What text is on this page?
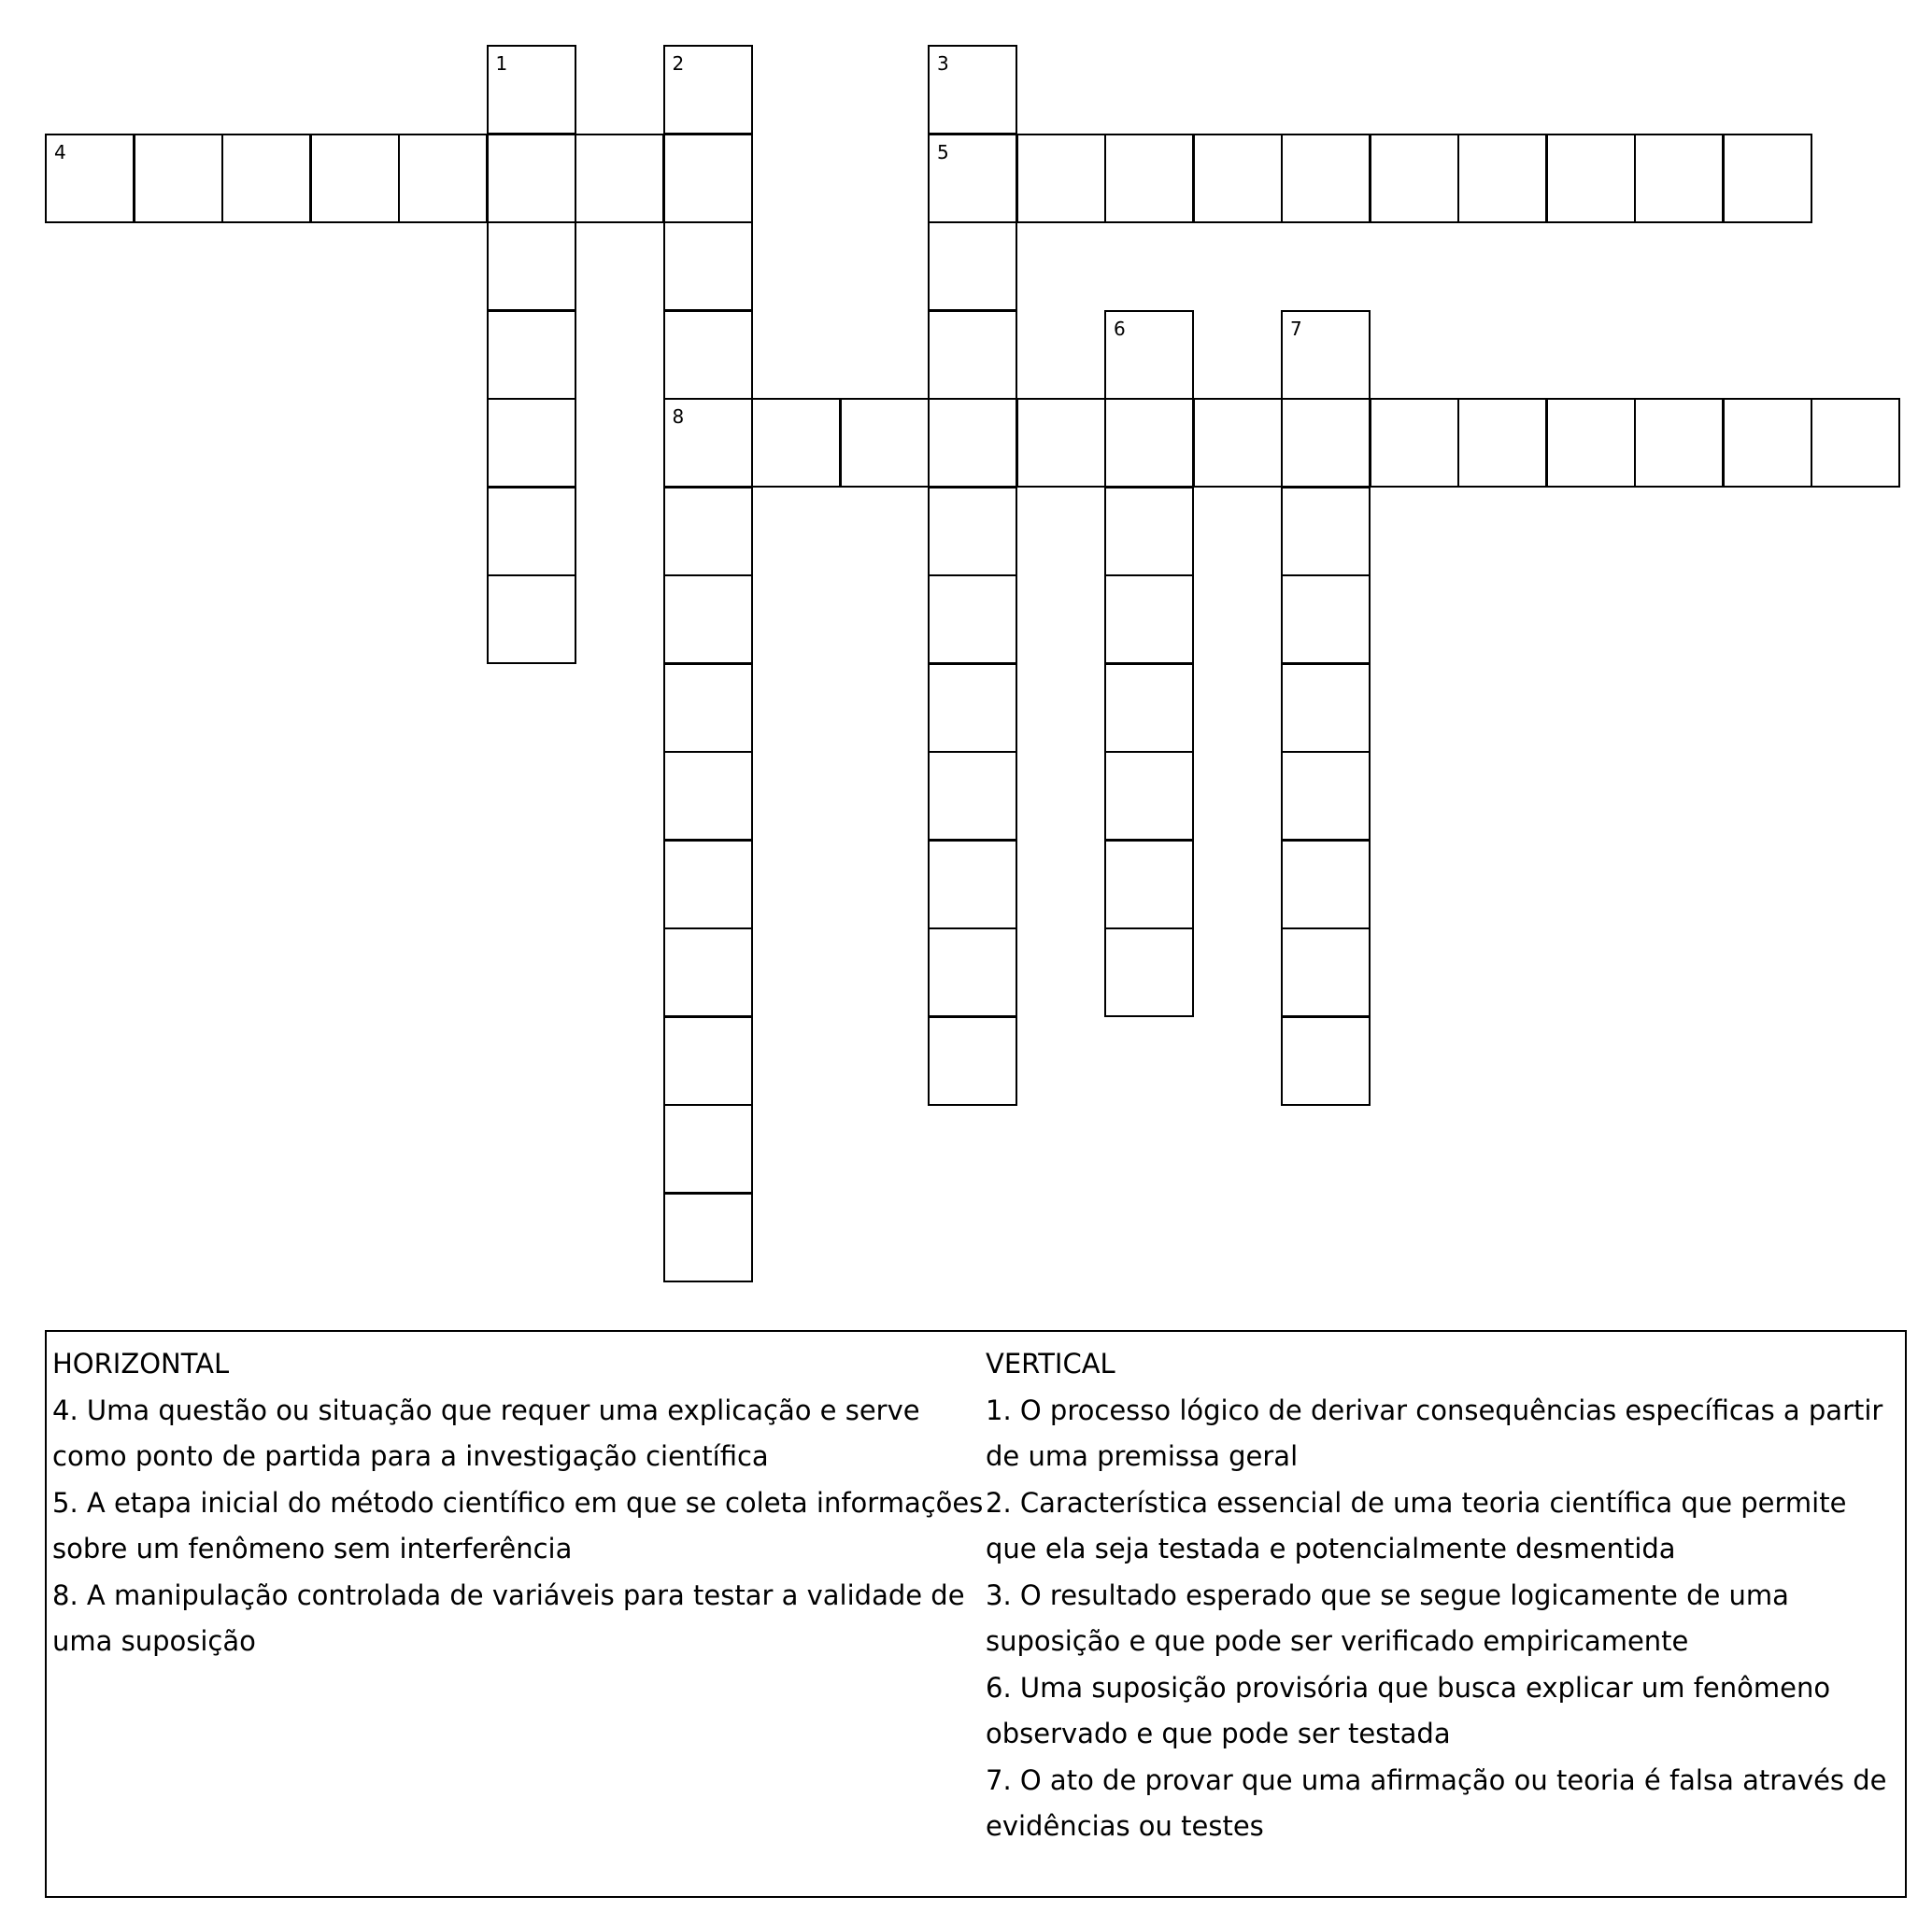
1	2
8
3
5
4
6	7
HORIZONTAL
4. Uma questão ou situação que requer uma explicação e serve como ponto de partida para a investigação científica
5. A etapa inicial do método científico em que se coleta informações sobre um fenômeno sem interferência
8. A manipulação controlada de variáveis para testar a validade de uma suposição
VERTICAL
1. O processo lógico de derivar consequências específicas a partir de uma premissa geral
2. Característica essencial de uma teoria científica que permite que ela seja testada e potencialmente desmentida
3. O resultado esperado que se segue logicamente de uma suposição e que pode ser verificado empiricamente
6. Uma suposição provisória que busca explicar um fenômeno observado e que pode ser testada
7. O ato de provar que uma afirmação ou teoria é falsa através de evidências ou testes
